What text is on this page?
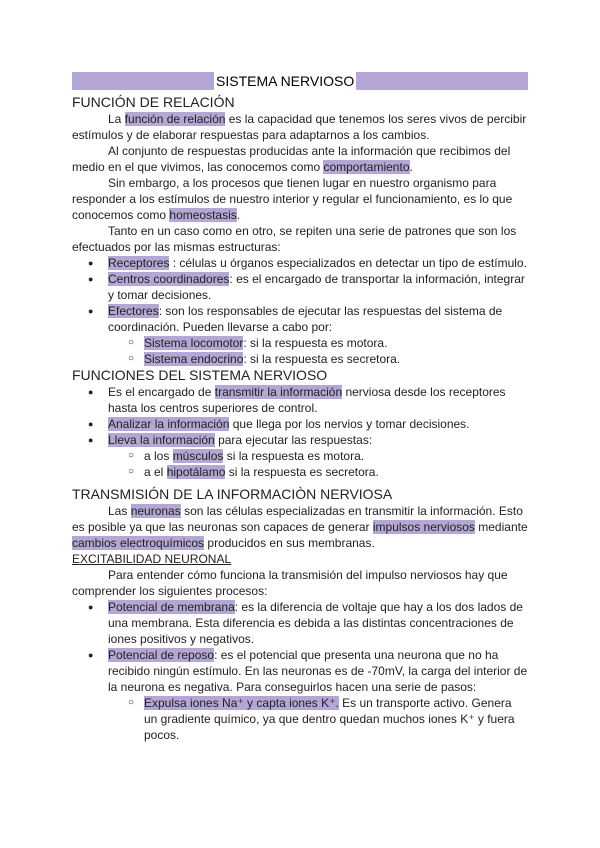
SISTEMA NERVIOSO
FUNCIÓN DE RELACIÓN

La función de relación es la capacidad que tenemos los seres vivos de percibir estímulos y de elaborar respuestas para adaptarnos a los cambios.

Al conjunto de respuestas producidas ante la información que recibimos del medio en el que vivimos, las conocemos como comportamiento.

Sin embargo, a los procesos que tienen lugar en nuestro organismo para responder a los estímulos de nuestro interior y regular el funcionamiento, es lo que conocemos como homeostasis.

Tanto en un caso como en otro, se repiten una serie de patrones que son los efectuados por las mismas estructuras:

● Receptores : células u órganos especializados en detectar un tipo de estímulo.
● Centros coordinadores: es el encargado de transportar la información, integrar y tomar decisiones.
● Efectores: son los responsables de ejecutar las respuestas del sistema de coordinación. Pueden llevarse a cabo por:
○ Sistema locomotor: si la respuesta es motora.
○ Sistema endocrino: si la respuesta es secretora.
FUNCIONES DEL SISTEMA NERVIOSO
● Es el encargado de transmitir la información nerviosa desde los receptores hasta los centros superiores de control.
● Analizar la información que llega por los nervios y tomar decisiones.
● Lleva la información para ejecutar las respuestas:
○ a los músculos si la respuesta es motora.
○ a el hipotálamo si la respuesta es secretora.
TRANSMISIÓN DE LA INFORMACIÒN NERVIOSA

Las neuronas son las células especializadas en transmitir la información. Esto es posible ya que las neuronas son capaces de generar impulsos nerviosos mediante cambios electroquímicos producidos en sus membranas.

EXCITABILIDAD NEURONAL

Para entender cómo funciona la transmisión del impulso nerviosos hay que comprender los siguientes procesos:

● Potencial de membrana: es la diferencia de voltaje que hay a los dos lados de una membrana. Esta diferencia es debida a las distintas concentraciones de iones positivos y negativos.
● Potencial de reposo: es el potencial que presenta una neurona que no ha recibido ningún estímulo. En las neuronas es de -70mV, la carga del interior de la neurona es negativa. Para conseguirlos hacen una serie de pasos:
○ Expulsa iones Na⁺ y capta iones K⁺. Es un transporte activo. Genera un gradiente químico, ya que dentro quedan muchos iones K⁺ y fuera pocos.
